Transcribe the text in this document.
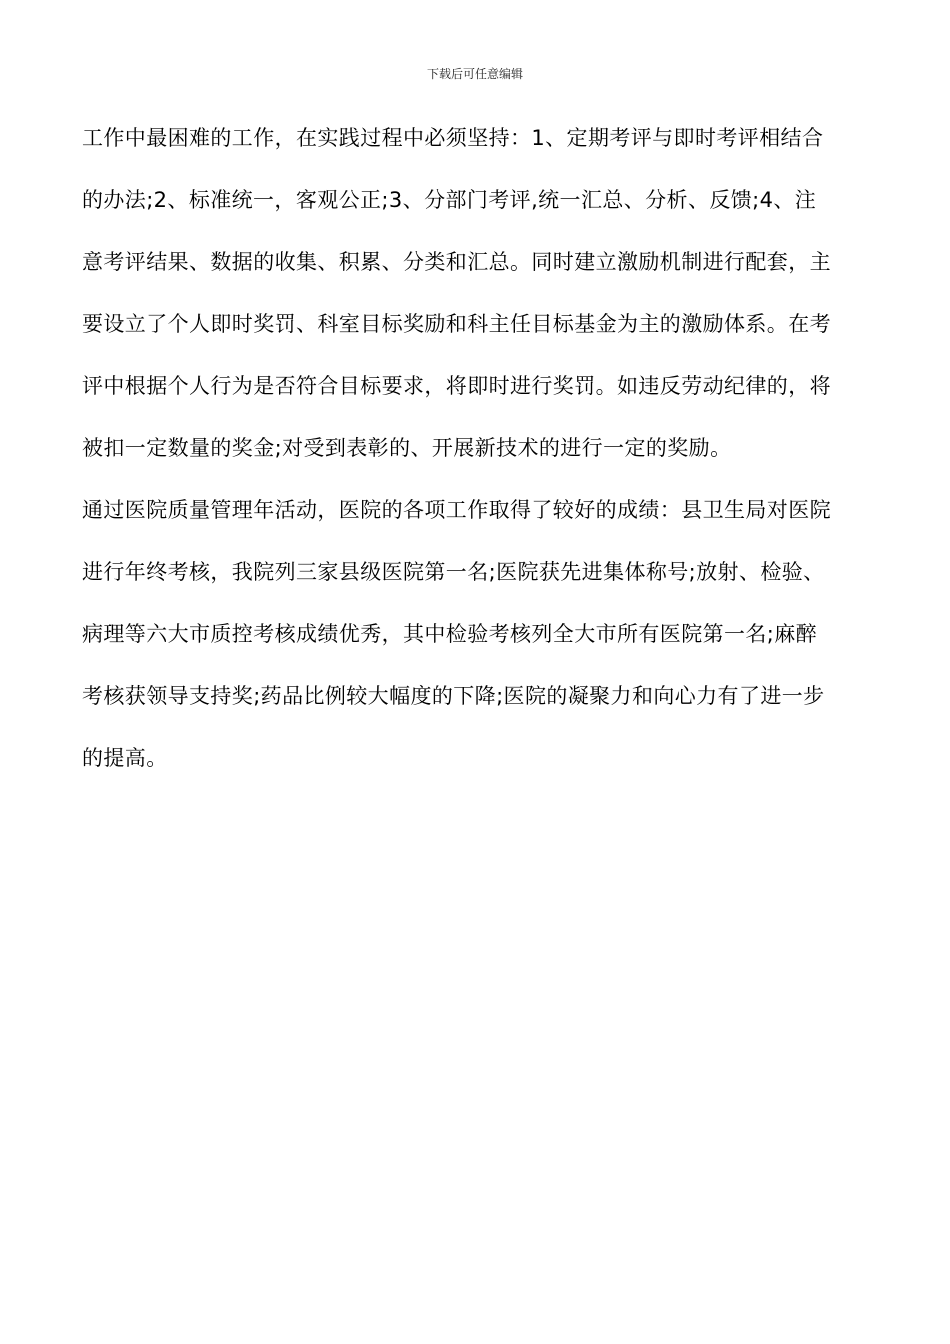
下载后可任意编辑
工作中最困难的工作，在实践过程中必须坚持：1、定期考评与即时考评相结合
的办法;2、标准统一，客观公正;3、分部门考评,统一汇总、分析、反馈;4、注
意考评结果、数据的收集、积累、分类和汇总。同时建立激励机制进行配套，主
要设立了个人即时奖罚、科室目标奖励和科主任目标基金为主的激励体系。在考
评中根据个人行为是否符合目标要求，将即时进行奖罚。如违反劳动纪律的，将
被扣一定数量的奖金;对受到表彰的、开展新技术的进行一定的奖励。
通过医院质量管理年活动，医院的各项工作取得了较好的成绩：县卫生局对医院
进行年终考核，我院列三家县级医院第一名;医院获先进集体称号;放射、检验、
病理等六大市质控考核成绩优秀，其中检验考核列全大市所有医院第一名;麻醉
考核获领导支持奖;药品比例较大幅度的下降;医院的凝聚力和向心力有了进一步
的提高。
